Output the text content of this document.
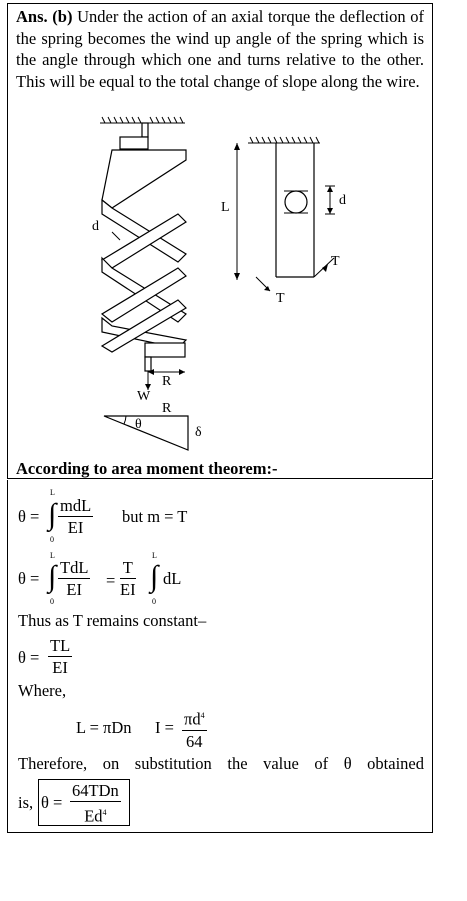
Ans. (b) Under the action of an axial torque the deflection of the spring becomes the wind up angle of the spring which is the angle through which one and turns relative to the other. This will be equal to the total change of slope along the wire.
d
R
W
R
θ
δ
d
L
T
T
According to area moment theorem:-
θ = ∫
L
0
mdL
EI
but m = T
θ = ∫
L
0
TdL
EI	= $\frac{T}{EI}$ ∫
L
0
dL
Thus as T remains constant–
$\theta = \frac{TL}{EI}$
Where,
L = πDn $I = \frac{\pi d^4}{64}$
Therefore, on substitution the value of θ obtained
is, θ =
64TDn
Ed$^4$
